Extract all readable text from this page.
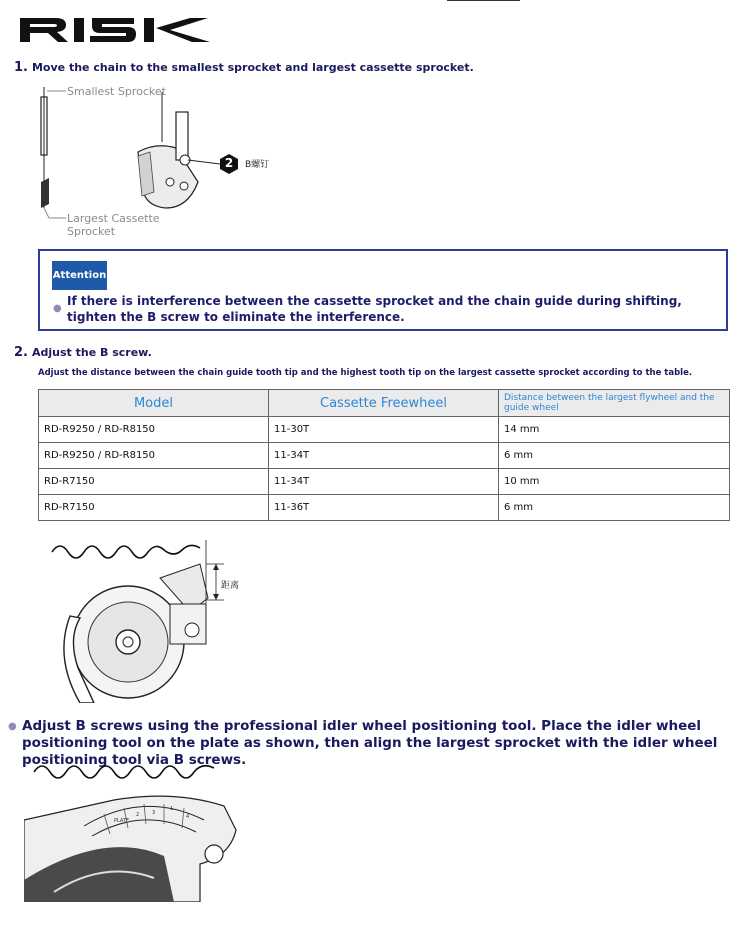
1. Move the chain to the smallest sprocket and largest cassette sprocket.
Smallest Sprocket
Largest Cassette
Sprocket
2	B螺钉
Attention
●
If there is interference between the cassette sprocket and the chain guide during shifting, tighten the B screw to eliminate the interference.
2. Adjust the B screw.
Adjust the distance between the chain guide tooth tip and the highest tooth tip on the largest cassette sprocket according to the table.
Model	Cassette Freewheel	Distance between the largest flywheel and the guide wheel
RD-R9250 / RD-R8150	11-30T	14 mm
RD-R9250 / RD-R8150	11-34T	6 mm
RD-R7150	11-34T	10 mm
RD-R7150	11-36T	6 mm
距离
● Adjust B screws using the professional idler wheel positioning tool. Place the idler wheel positioning tool on the plate as shown, then align the largest sprocket with the idler wheel positioning tool via B screws.
PLATE
1
2	3
4
